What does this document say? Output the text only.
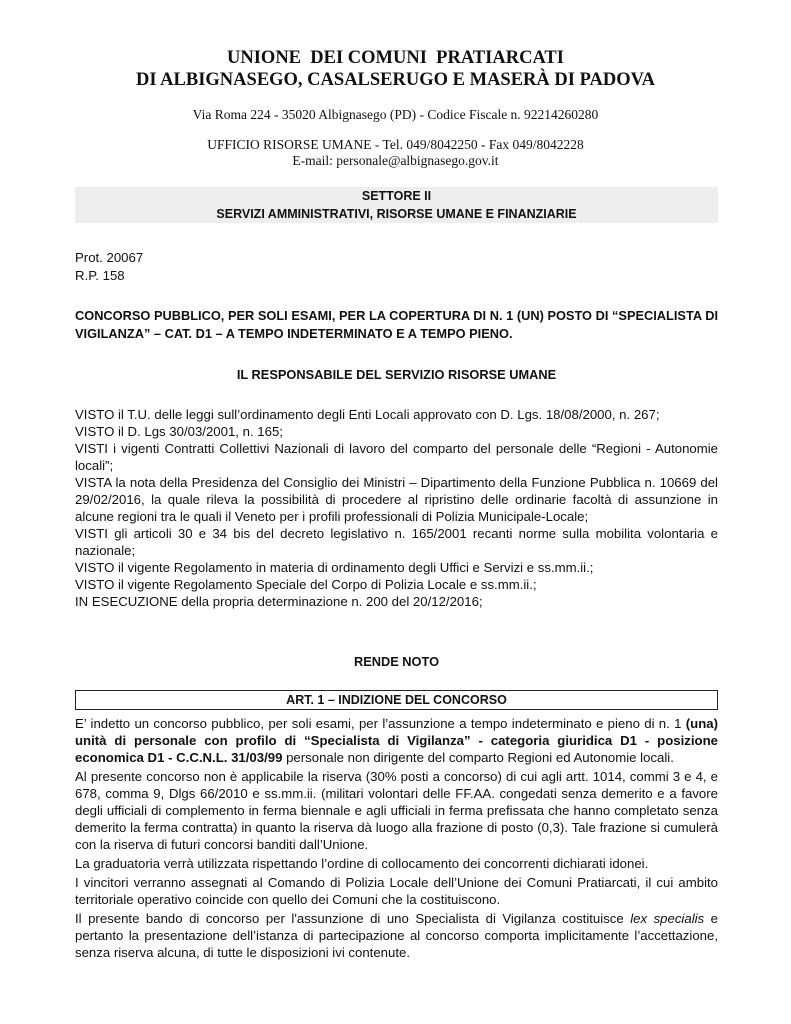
UNIONE  DEI COMUNI  PRATIARCATI
DI ALBIGNASEGO, CASALSERUGO E MASERÀ DI PADOVA
Via Roma 224 - 35020 Albignasego (PD) - Codice Fiscale n. 92214260280
UFFICIO RISORSE UMANE - Tel. 049/8042250 - Fax 049/8042228
E-mail: personale@albignasego.gov.it
SETTORE II
SERVIZI AMMINISTRATIVI, RISORSE UMANE E FINANZIARIE
Prot. 20067
R.P. 158
CONCORSO PUBBLICO, PER SOLI ESAMI, PER LA COPERTURA DI N. 1 (UN) POSTO DI “SPECIALISTA DI VIGILANZA” – CAT. D1 – A TEMPO INDETERMINATO E A TEMPO PIENO.
IL RESPONSABILE DEL SERVIZIO RISORSE UMANE

VISTO il T.U. delle leggi sull’ordinamento degli Enti Locali approvato con D. Lgs. 18/08/2000, n. 267;

VISTO il D. Lgs 30/03/2001, n. 165;

VISTI i vigenti Contratti Collettivi Nazionali di lavoro del comparto del personale delle “Regioni - Autonomie locali”;

VISTA la nota della Presidenza del Consiglio dei Ministri – Dipartimento della Funzione Pubblica n. 10669 del 29/02/2016, la quale rileva la possibilità di procedere al ripristino delle ordinarie facoltà di assunzione in alcune regioni tra le quali il Veneto per i profili professionali di Polizia Municipale-Locale;

VISTI gli articoli 30 e 34 bis del decreto legislativo n. 165/2001 recanti norme sulla mobilita volontaria e nazionale;

VISTO il vigente Regolamento in materia di ordinamento degli Uffici e Servizi e ss.mm.ii.;

VISTO il vigente Regolamento Speciale del Corpo di Polizia Locale e ss.mm.ii.;

IN ESECUZIONE della propria determinazione n. 200 del 20/12/2016;

RENDE NOTO
ART. 1 – INDIZIONE DEL CONCORSO

E’ indetto un concorso pubblico, per soli esami, per l’assunzione a tempo indeterminato e pieno di n. 1 (una) unità di personale con profilo di “Specialista di Vigilanza” - categoria giuridica D1 - posizione economica D1 - C.C.N.L. 31/03/99 personale non dirigente del comparto Regioni ed Autonomie locali.

Al presente concorso non è applicabile la riserva (30% posti a concorso) di cui agli artt. 1014, commi 3 e 4, e 678, comma 9, Dlgs 66/2010 e ss.mm.ii. (militari volontari delle FF.AA. congedati senza demerito e a favore degli ufficiali di complemento in ferma biennale e agli ufficiali in ferma prefissata che hanno completato senza demerito la ferma contratta) in quanto la riserva dà luogo alla frazione di posto (0,3). Tale frazione si cumulerà con la riserva di futuri concorsi banditi dall’Unione.

La graduatoria verrà utilizzata rispettando l’ordine di collocamento dei concorrenti dichiarati idonei.

I vincitori verranno assegnati al Comando di Polizia Locale dell’Unione dei Comuni Pratiarcati, il cui ambito territoriale operativo coincide con quello dei Comuni che la costituiscono.

Il presente bando di concorso per l'assunzione di uno Specialista di Vigilanza costituisce lex specialis e pertanto la presentazione dell’istanza di partecipazione al concorso comporta implicitamente l’accettazione, senza riserva alcuna, di tutte le disposizioni ivi contenute.
